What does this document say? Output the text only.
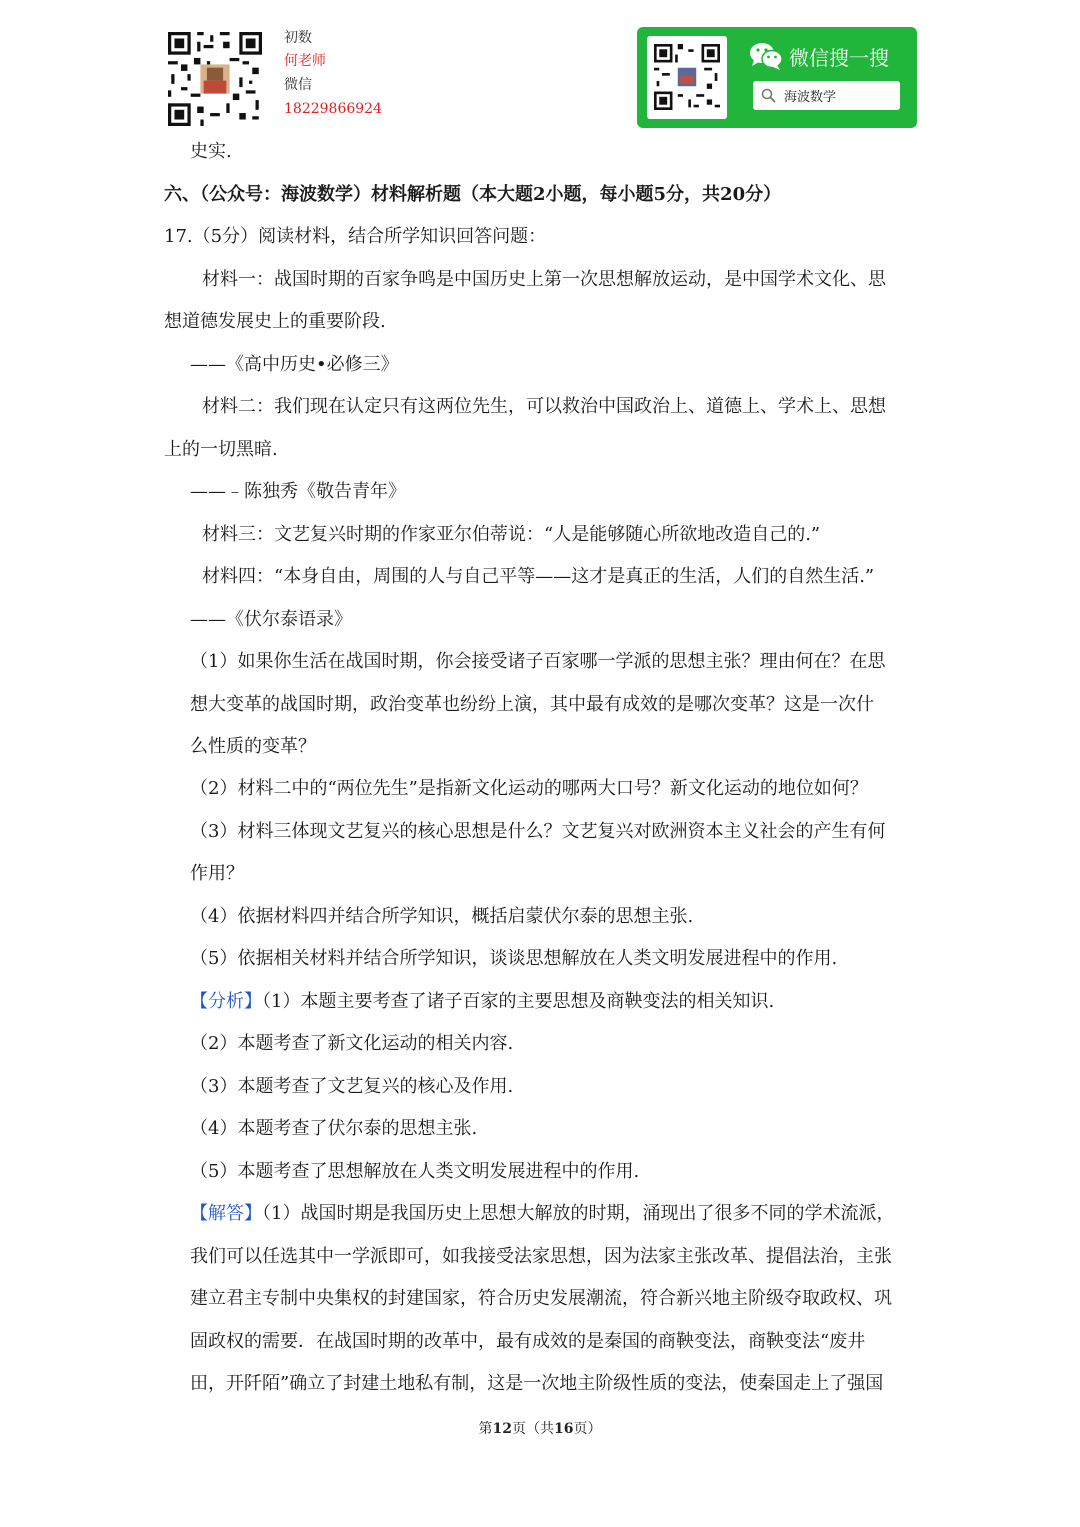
初数
何老师
微信
18229866924
微信搜一搜
海波数学
史实.
六、（公众号：海波数学）材料解析题（本大题2小题，每小题5分，共20分）
17.（5分）阅读材料，结合所学知识回答问题：
材料一：战国时期的百家争鸣是中国历史上第一次思想解放运动，是中国学术文化、思
想道德发展史上的重要阶段.
——《高中历史•必修三》
材料二：我们现在认定只有这两位先生，可以救治中国政治上、道德上、学术上、思想
上的一切黑暗.
——﹣陈独秀《敬告青年》
材料三：文艺复兴时期的作家亚尔伯蒂说：“人是能够随心所欲地改造自己的.”
材料四：“本身自由，周围的人与自己平等——这才是真正的生活，人们的自然生活.”
——《伏尔泰语录》
（1）如果你生活在战国时期，你会接受诸子百家哪一学派的思想主张？理由何在？在思
想大变革的战国时期，政治变革也纷纷上演，其中最有成效的是哪次变革？这是一次什
么性质的变革？
（2）材料二中的“两位先生”是指新文化运动的哪两大口号？新文化运动的地位如何？
（3）材料三体现文艺复兴的核心思想是什么？文艺复兴对欧洲资本主义社会的产生有何
作用？
（4）依据材料四并结合所学知识，概括启蒙伏尔泰的思想主张.
（5）依据相关材料并结合所学知识，谈谈思想解放在人类文明发展进程中的作用.
【分析】（1）本题主要考查了诸子百家的主要思想及商鞅变法的相关知识.
（2）本题考查了新文化运动的相关内容.
（3）本题考查了文艺复兴的核心及作用.
（4）本题考查了伏尔泰的思想主张.
（5）本题考查了思想解放在人类文明发展进程中的作用.
【解答】（1）战国时期是我国历史上思想大解放的时期，涌现出了很多不同的学术流派，
我们可以任选其中一学派即可，如我接受法家思想，因为法家主张改革、提倡法治，主张
建立君主专制中央集权的封建国家，符合历史发展潮流，符合新兴地主阶级夺取政权、巩
固政权的需要．在战国时期的改革中，最有成效的是秦国的商鞅变法，商鞅变法“废井
田，开阡陌”确立了封建土地私有制，这是一次地主阶级性质的变法，使秦国走上了强国
第12页（共16页）
